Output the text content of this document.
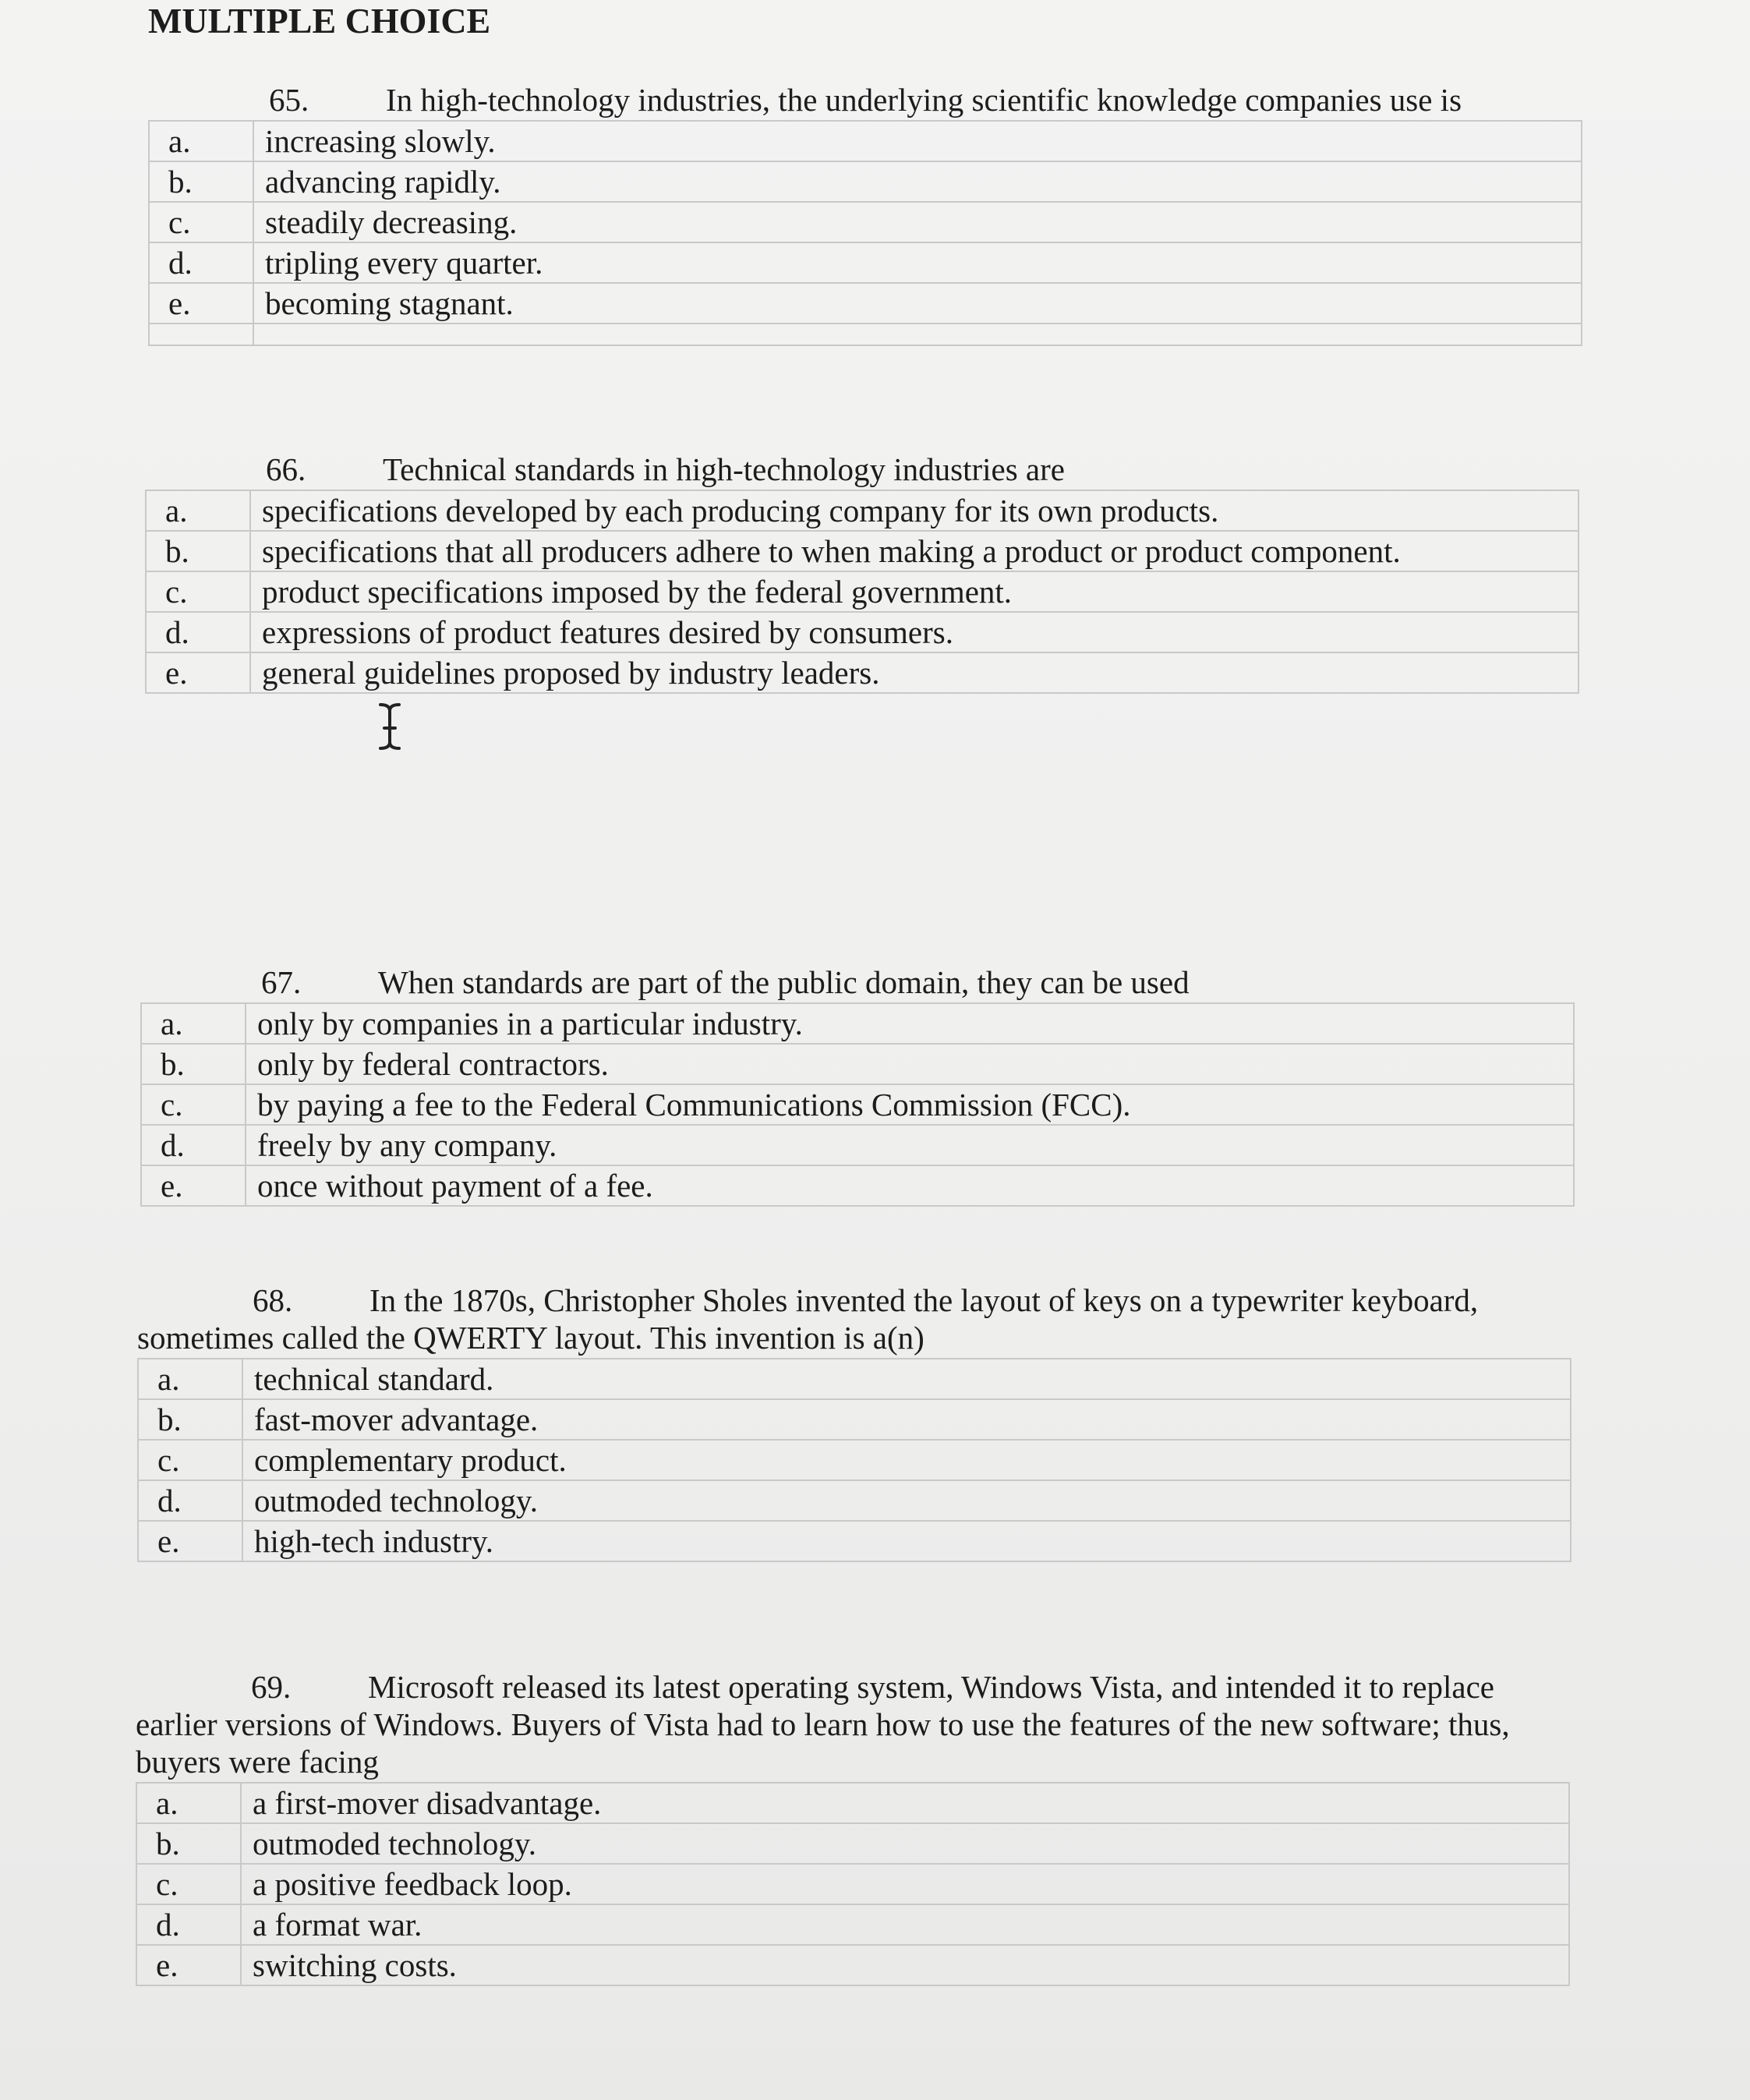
MULTIPLE CHOICE

65. In high-technology industries, the underlying scientific knowledge companies use is

a.	increasing slowly.
b.	advancing rapidly.
c.	steadily decreasing.
d.	tripling every quarter.
e.	becoming stagnant.

66. Technical standards in high-technology industries are

a.	specifications developed by each producing company for its own products.
b.	specifications that all producers adhere to when making a product or product component.
c.	product specifications imposed by the federal government.
d.	expressions of product features desired by consumers.
e.	general guidelines proposed by industry leaders.

67. When standards are part of the public domain, they can be used

a.	only by companies in a particular industry.
b.	only by federal contractors.
c.	by paying a fee to the Federal Communications Commission (FCC).
d.	freely by any company.
e.	once without payment of a fee.

68. In the 1870s, Christopher Sholes invented the layout of keys on a typewriter keyboard, sometimes called the QWERTY layout. This invention is a(n)

a.	technical standard.
b.	fast-mover advantage.
c.	complementary product.
d.	outmoded technology.
e.	high-tech industry.

69. Microsoft released its latest operating system, Windows Vista, and intended it to replace earlier versions of Windows. Buyers of Vista had to learn how to use the features of the new software; thus, buyers were facing

a.	a first-mover disadvantage.
b.	outmoded technology.
c.	a positive feedback loop.
d.	a format war.
e.	switching costs.
